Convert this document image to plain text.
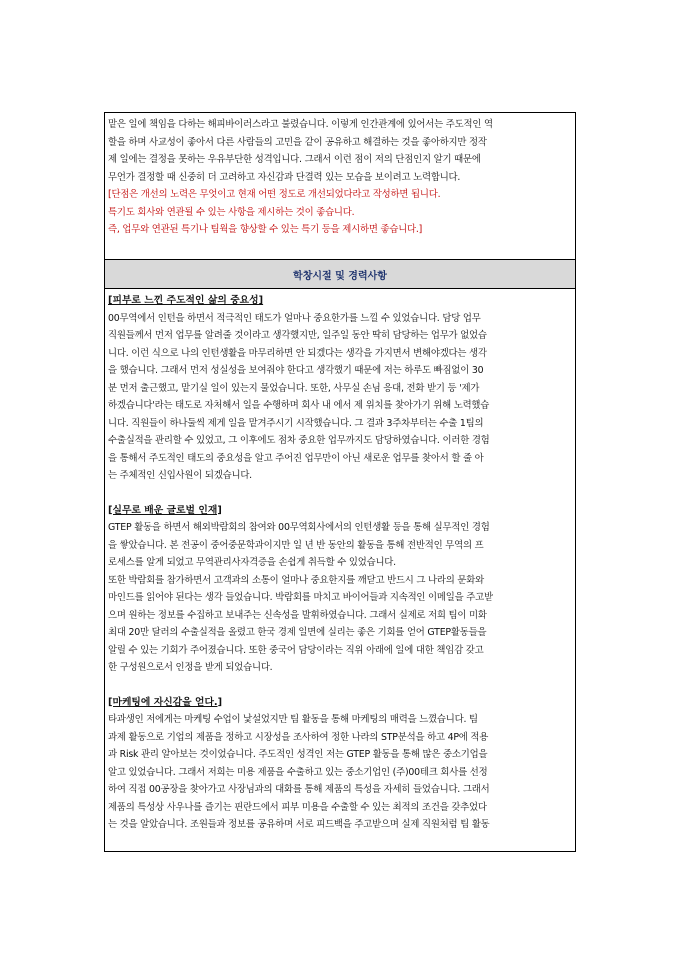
맡은 일에 책임을 다하는 해피바이러스라고 불렸습니다. 이렇게 인간관계에 있어서는 주도적인 역
할을 하며 사교성이 좋아서 다른 사람들의 고민을 같이 공유하고 해결하는 것을 좋아하지만 정작
제 일에는 결정을 못하는 우유부단한 성격입니다. 그래서 이런 점이 저의 단점인지 알기 때문에
무언가 결정할 때 신중히 더 고려하고 자신감과 단결력 있는 모습을 보이려고 노력합니다.
[단점은 개선의 노력은 무엇이고 현재 어떤 정도로 개선되었다라고 작성하면 됩니다.
특기도 회사와 연관될 수 있는 사항을 제시하는 것이 좋습니다.
즉, 업무와 연관된 특기나 팀웍을 향상할 수 있는 특기 등을 제시하면 좋습니다.]
학창시절 및 경력사항
[피부로 느낀 주도적인 삶의 중요성]
00무역에서 인턴을 하면서 적극적인 태도가 얼마나 중요한가를 느낄 수 있었습니다. 담당 업무
직원들께서 먼저 업무를 알려줄 것이라고 생각했지만, 일주일 동안 딱히 담당하는 업무가 없었습
니다. 이런 식으로 나의 인턴생활을 마무리하면 안 되겠다는 생각을 가지면서 변해야겠다는 생각
을 했습니다. 그래서 먼저 성실성을 보여줘야 한다고 생각했기 때문에 저는 하루도 빠짐없이 30
분 먼저 출근했고, 맡기실 일이 있는지 물었습니다. 또한, 사무실 손님 응대, 전화 받기 등 '제가
하겠습니다'라는 태도로 자처해서 일을 수행하며 회사 내 에서 제 위치를 찾아가기 위해 노력했습
니다. 직원들이 하나둘씩 제게 일을 맡겨주시기 시작했습니다. 그 결과 3주차부터는 수출 1팀의
수출실적을 관리할 수 있었고, 그 이후에도 점차 중요한 업무까지도 담당하였습니다. 이러한 경험
을 통해서 주도적인 태도의 중요성을 알고 주어진 업무만이 아닌 새로운 업무를 찾아서 할 줄 아
는 주체적인 신입사원이 되겠습니다.
[실무로 배운 글로벌 인재]
GTEP 활동을 하면서 해외박람회의 참여와 00무역회사에서의 인턴생활 등을 통해 실무적인 경험
을 쌓았습니다. 본 전공이 중어중문학과이지만 일 년 반 동안의 활동을 통해 전반적인 무역의 프
로세스를 알게 되었고 무역관리사자격증을 손쉽게 취득할 수 있었습니다.
또한 박람회를 참가하면서 고객과의 소통이 얼마나 중요한지를 깨닫고 반드시 그 나라의 문화와
마인드를 읽어야 된다는 생각 들었습니다. 박람회를 마치고 바이어들과 지속적인 이메일을 주고받
으며 원하는 정보를 수집하고 보내주는 신속성을 발휘하였습니다. 그래서 실제로 저희 팀이 미화
최대 20만 달러의 수출실적을 올렸고 한국 경제 일면에 실리는 좋은 기회를 얻어 GTEP활동들을
알릴 수 있는 기회가 주어졌습니다. 또한 중국어 담당이라는 직위 아래에 일에 대한 책임감 갖고
한 구성원으로서 인정을 받게 되었습니다.
[마케팅에 자신감을 얻다.]
타과생인 저에게는 마케팅 수업이 낯설었지만 팀 활동을 통해 마케팅의 매력을 느꼈습니다. 팀
과제 활동으로 기업의 제품을 정하고 시장성을 조사하여 정한 나라의 STP분석을 하고 4P에 적용
과 Risk 관리 알아보는 것이었습니다. 주도적인 성격인 저는 GTEP 활동을 통해 많은 중소기업을
알고 있었습니다. 그래서 저희는 미용 제품을 수출하고 있는 중소기업인 (주)00테크 회사를 선정
하여 직접 00공장을 찾아가고 사장님과의 대화를 통해 제품의 특성을 자세히 들었습니다. 그래서
제품의 특성상 사우나를 즐기는 핀란드에서 피부 미용을 수출할 수 있는 최적의 조건을 갖추었다
는 것을 알았습니다. 조원들과 정보를 공유하며 서로 피드백을 주고받으며 실제 직원처럼 팀 활동
